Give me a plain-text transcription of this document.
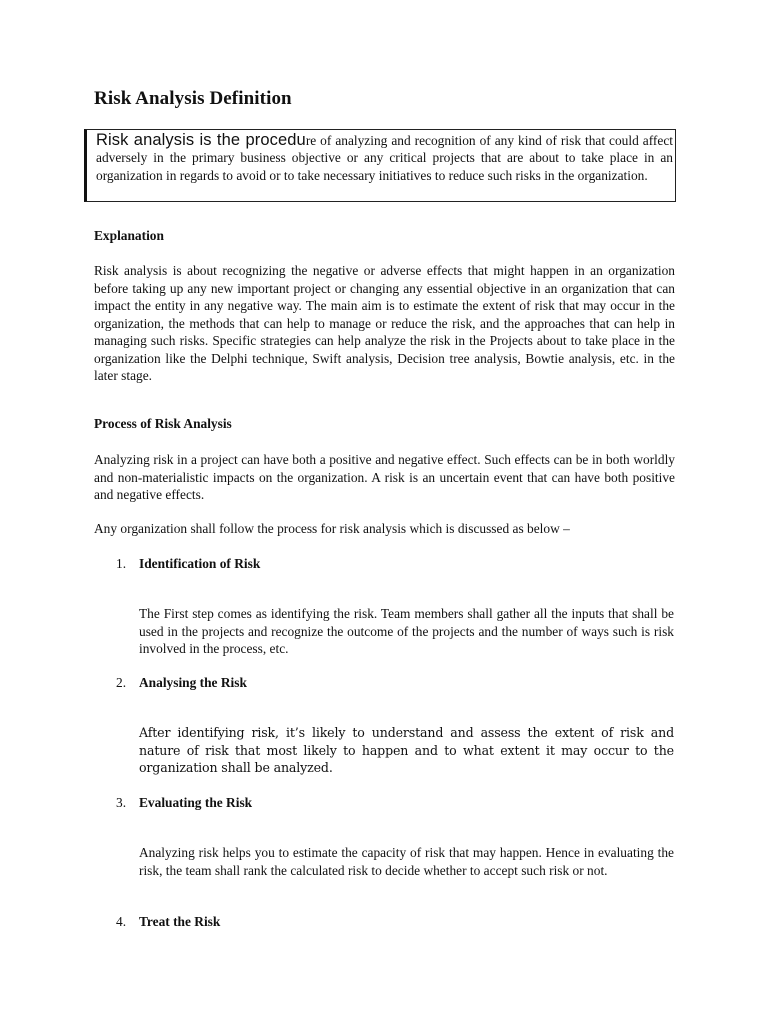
Risk Analysis Definition

Risk analysis is the procedure of analyzing and recognition of any kind of risk that could affect adversely in the primary business objective or any critical projects that are about to take place in an organization in regards to avoid or to take necessary initiatives to reduce such risks in the organization.

Explanation

Risk analysis is about recognizing the negative or adverse effects that might happen in an organization before taking up any new important project or changing any essential objective in an organization that can impact the entity in any negative way. The main aim is to estimate the extent of risk that may occur in the organization, the methods that can help to manage or reduce the risk, and the approaches that can help in managing such risks. Specific strategies can help analyze the risk in the Projects about to take place in the organization like the Delphi technique, Swift analysis, Decision tree analysis, Bowtie analysis, etc. in the later stage.

Process of Risk Analysis

Analyzing risk in a project can have both a positive and negative effect. Such effects can be in both worldly and non-materialistic impacts on the organization. A risk is an uncertain event that can have both positive and negative effects.

Any organization shall follow the process for risk analysis which is discussed as below –

1. Identification of Risk

The First step comes as identifying the risk. Team members shall gather all the inputs that shall be used in the projects and recognize the outcome of the projects and the number of ways such is risk involved in the process, etc.

2. Analysing the Risk

After identifying risk, it’s likely to understand and assess the extent of risk and nature of risk that most likely to happen and to what extent it may occur to the organization shall be analyzed.

3. Evaluating the Risk

Analyzing risk helps you to estimate the capacity of risk that may happen. Hence in evaluating the risk, the team shall rank the calculated risk to decide whether to accept such risk or not.

4. Treat the Risk
